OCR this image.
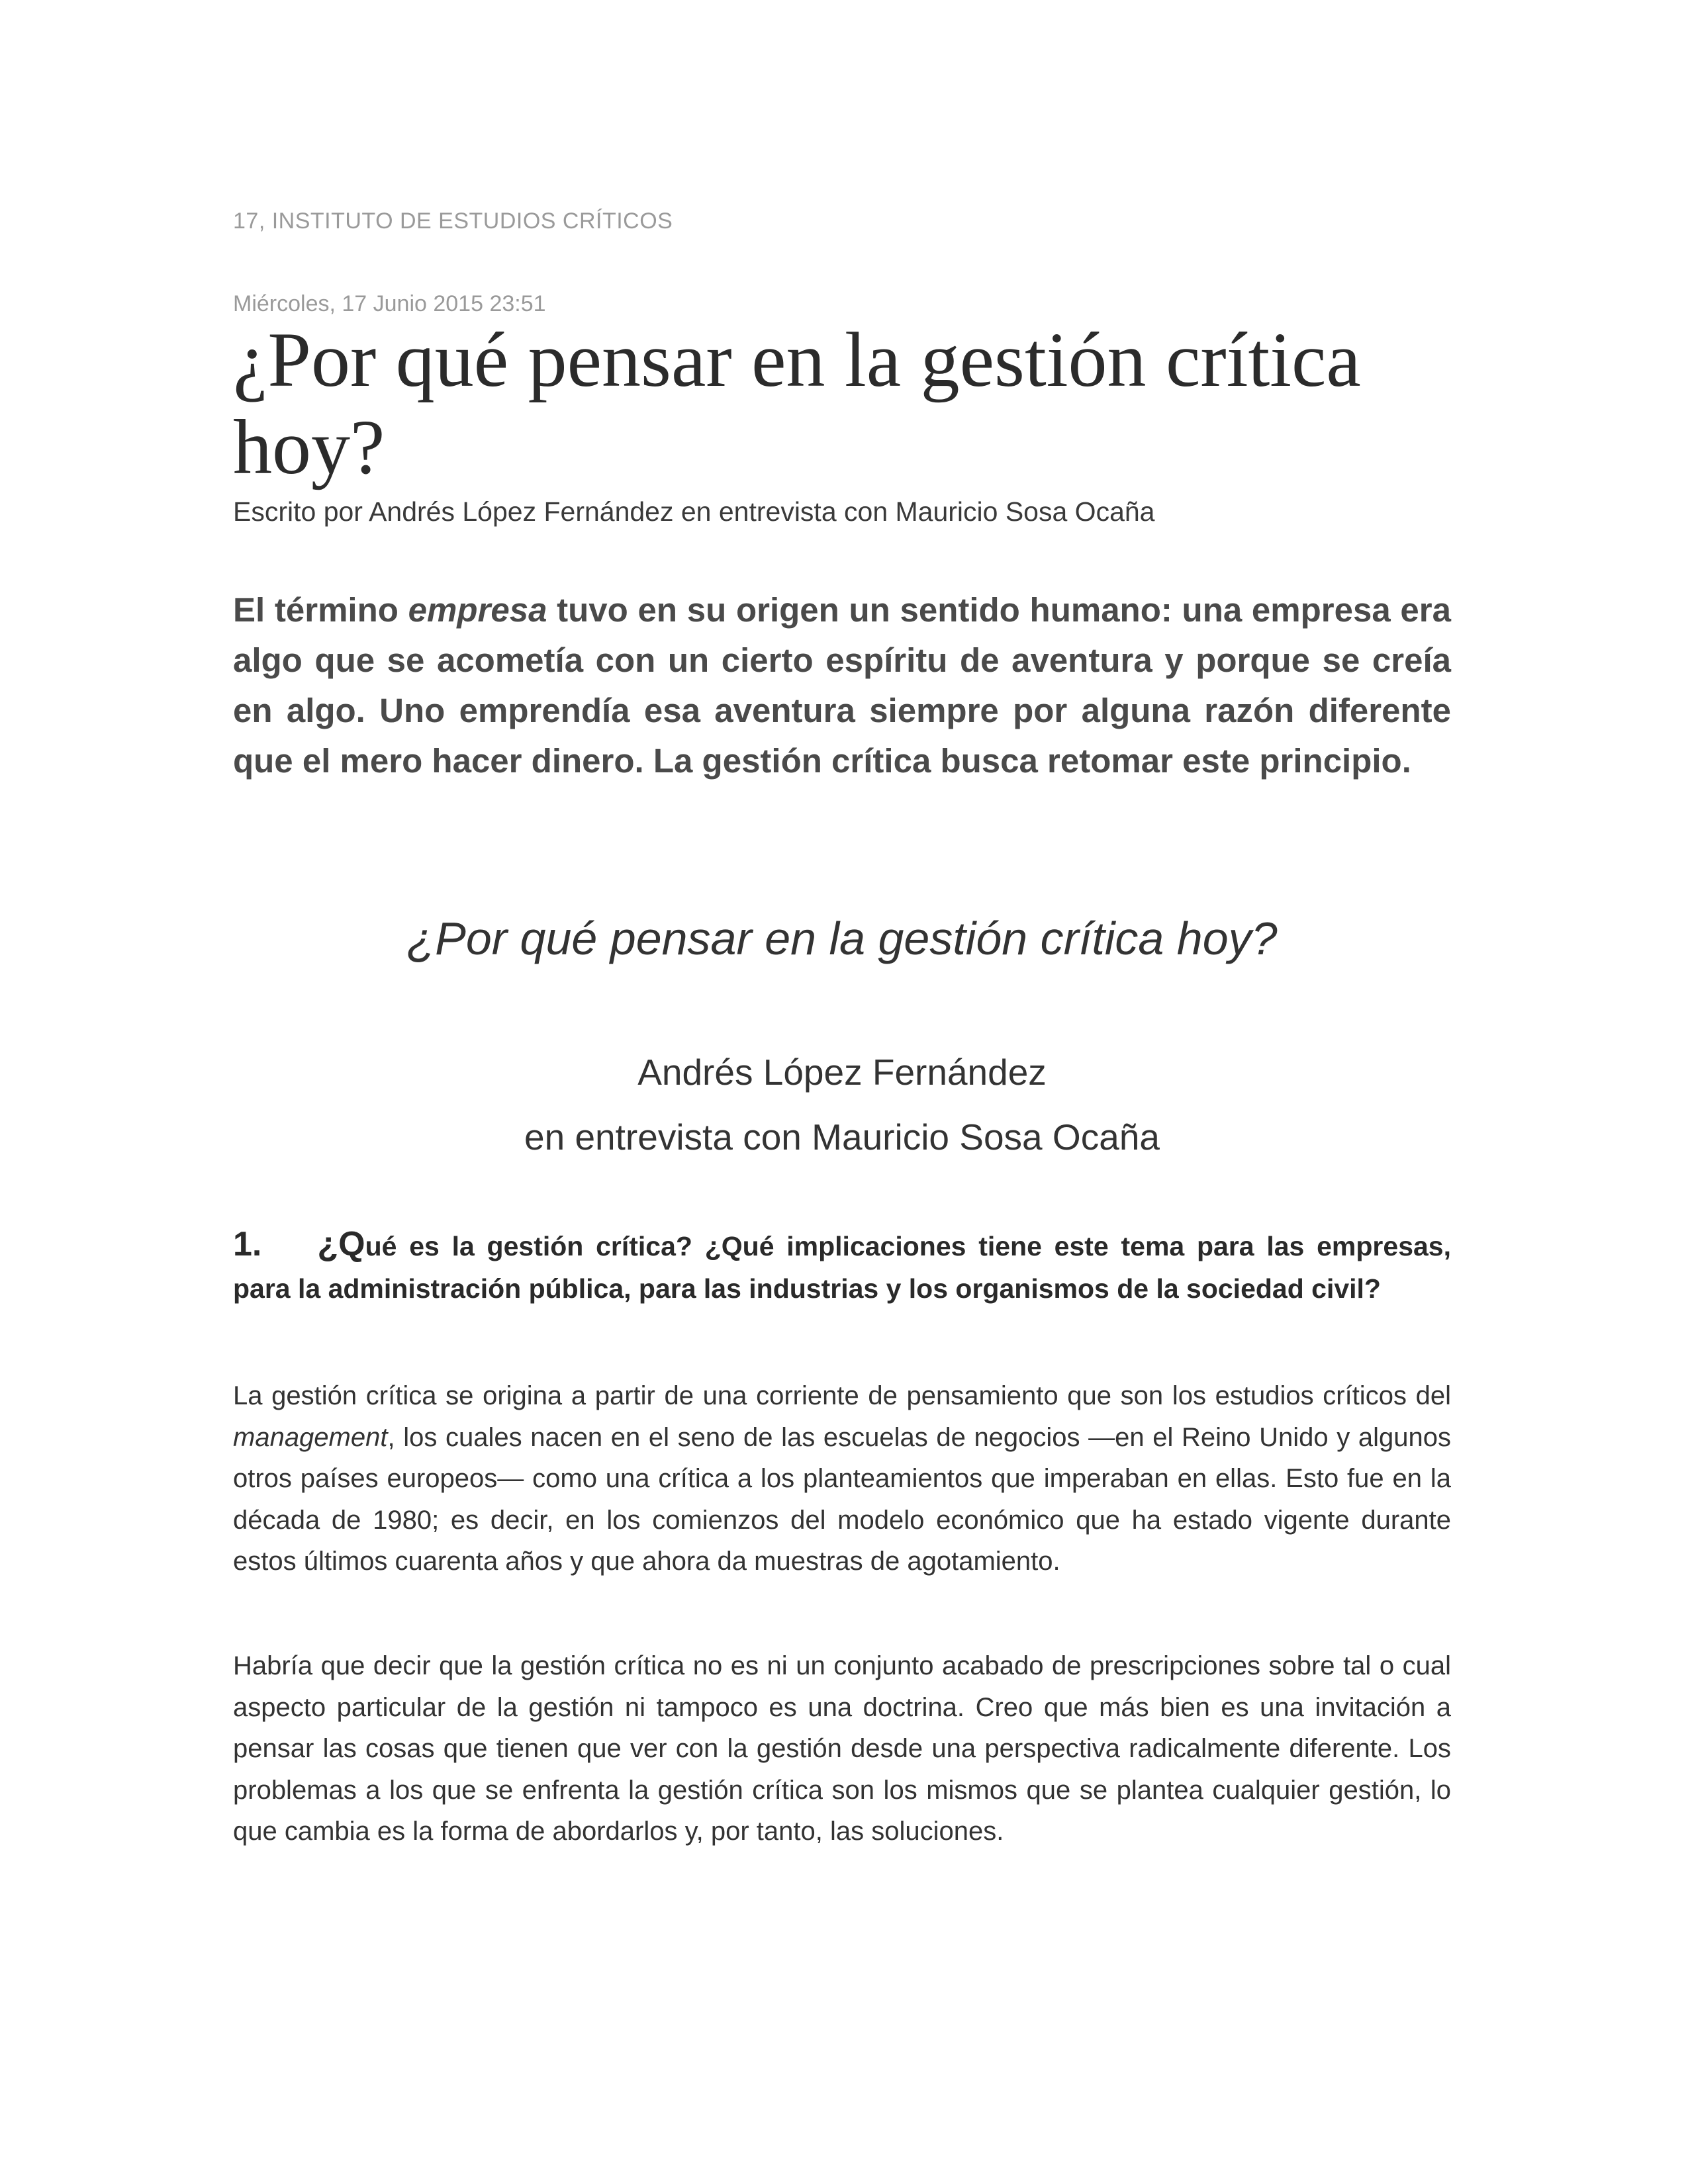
17, INSTITUTO DE ESTUDIOS CRÍTICOS
Miércoles, 17 Junio 2015 23:51
¿Por qué pensar en la gestión crítica hoy?
Escrito por Andrés López Fernández en entrevista con Mauricio Sosa Ocaña

El término empresa tuvo en su origen un sentido humano: una empresa era algo que se acometía con un cierto espíritu de aventura y porque se creía en algo. Uno emprendía esa aventura siempre por alguna razón diferente que el mero hacer dinero. La gestión crítica busca retomar este principio.

¿Por qué pensar en la gestión crítica hoy?
Andrés López Fernández
en entrevista con Mauricio Sosa Ocaña

1. ¿Qué es la gestión crítica? ¿Qué implicaciones tiene este tema para las empresas, para la administración pública, para las industrias y los organismos de la sociedad civil?

La gestión crítica se origina a partir de una corriente de pensamiento que son los estudios críticos del management, los cuales nacen en el seno de las escuelas de negocios —en el Reino Unido y algunos otros países europeos— como una crítica a los planteamientos que imperaban en ellas. Esto fue en la década de 1980; es decir, en los comienzos del modelo económico que ha estado vigente durante estos últimos cuarenta años y que ahora da muestras de agotamiento.

Habría que decir que la gestión crítica no es ni un conjunto acabado de prescripciones sobre tal o cual aspecto particular de la gestión ni tampoco es una doctrina. Creo que más bien es una invitación a pensar las cosas que tienen que ver con la gestión desde una perspectiva radicalmente diferente. Los problemas a los que se enfrenta la gestión crítica son los mismos que se plantea cualquier gestión, lo que cambia es la forma de abordarlos y, por tanto, las soluciones.
